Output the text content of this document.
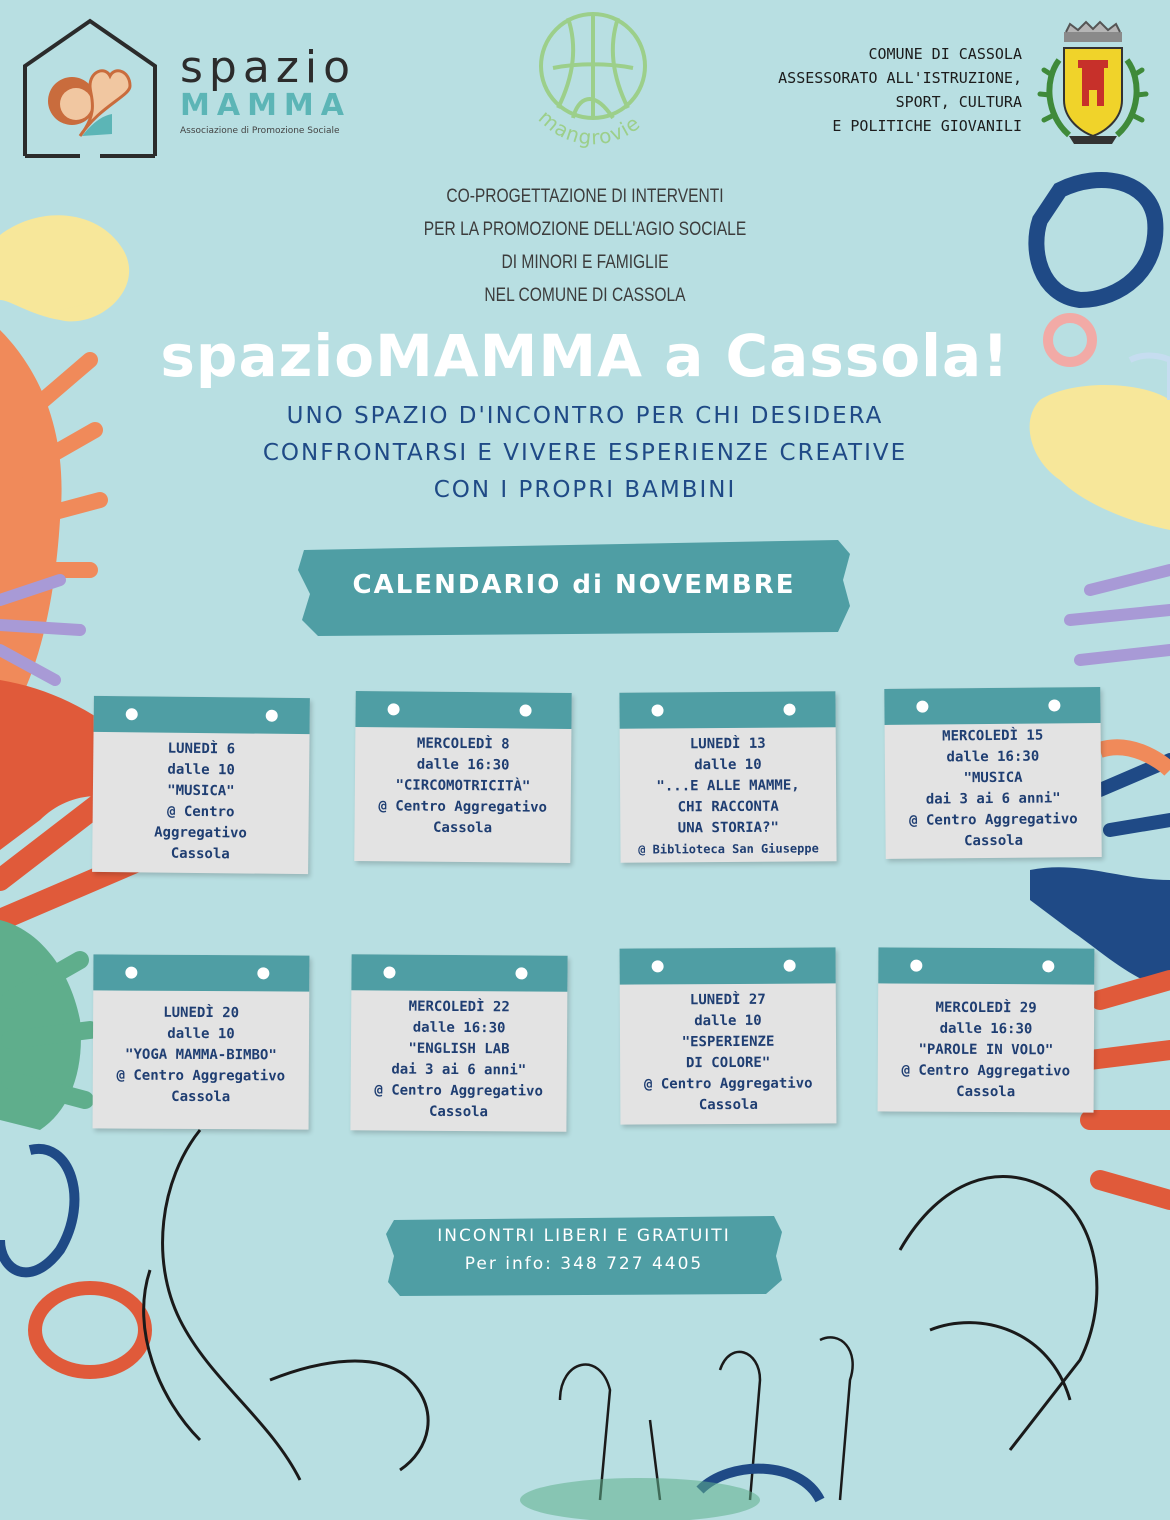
spazio
MAMMA
Associazione di Promozione Sociale	mangrovie
COMUNE DI CASSOLA
ASSESSORATO ALL'ISTRUZIONE,
SPORT, CULTURA
E POLITICHE GIOVANILI
CO-PROGETTAZIONE DI INTERVENTI
PER LA PROMOZIONE DELL'AGIO SOCIALE
DI MINORI E FAMIGLIE
NEL COMUNE DI CASSOLA
spazioMAMMA a Cassola!
UNO SPAZIO D'INCONTRO PER CHI DESIDERA
CONFRONTARSI E VIVERE ESPERIENZE CREATIVE
CON I PROPRI BAMBINI
CALENDARIO di NOVEMBRE
LUNEDÌ 6
dalle 10
"MUSICA"
@ Centro
Aggregativo
Cassola
MERCOLEDÌ 8
dalle 16:30
"CIRCOMOTRICITÀ"
@ Centro Aggregativo
Cassola
LUNEDÌ 13
dalle 10
"...E ALLE MAMME,
CHI RACCONTA
UNA STORIA?"
@ Biblioteca San Giuseppe
MERCOLEDÌ 15
dalle 16:30
"MUSICA
dai 3 ai 6 anni"
@ Centro Aggregativo
Cassola
LUNEDÌ 20
dalle 10
"YOGA MAMMA-BIMBO"
@ Centro Aggregativo
Cassola
MERCOLEDÌ 22
dalle 16:30
"ENGLISH LAB
dai 3 ai 6 anni"
@ Centro Aggregativo
Cassola
LUNEDÌ 27
dalle 10
"ESPERIENZE
DI COLORE"
@ Centro Aggregativo
Cassola
MERCOLEDÌ 29
dalle 16:30
"PAROLE IN VOLO"
@ Centro Aggregativo
Cassola
INCONTRI LIBERI E GRATUITI
Per info: 348 727 4405
